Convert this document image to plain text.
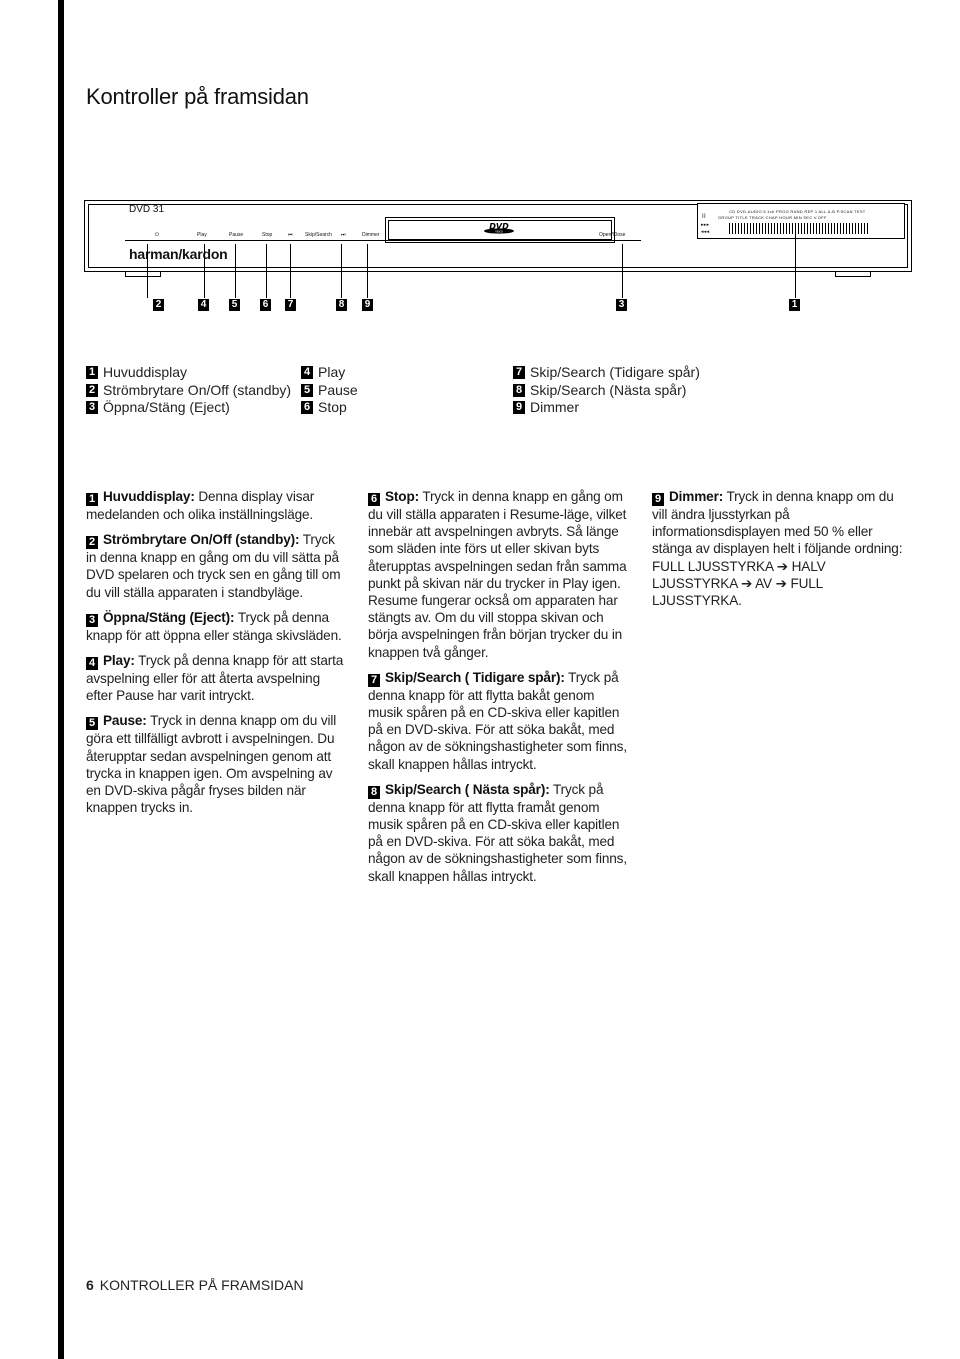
Kontroller på framsidan
DVD 31
harman/kardon
⏻	Play	Pause	Stop	⏮ Skip/Search ⏭	Dimmer	Open/Close
DVD
VIDEO
CD DVD-AUDIO 5.1ch PROG RAND REP 1 ALL A-B P.SCAN TEST
GROUP TITLE TRACK CHAP HOUR MIN SEC V.OFF
II
▸▸▸
◂◂◂
2	4	5	6 7	8 9	3	1
1 Huvuddisplay
2 Strömbrytare On/Off (standby)
3 Öppna/Stäng (Eject)
4 Play
5 Pause
6 Stop
7 Skip/Search (Tidigare spår)
8 Skip/Search (Nästa spår)
9 Dimmer

1 Huvuddisplay: Denna display visar medelanden och olika inställningsläge.

2 Strömbrytare On/Off (standby): Tryck in denna knapp en gång om du vill sätta på DVD spelaren och tryck sen en gång till om du vill ställa apparaten i standbyläge.

3 Öppna/Stäng (Eject): Tryck på denna knapp för att öppna eller stänga skivsläden.

4 Play: Tryck på denna knapp för att starta avspelning eller för att återta avspelning efter Pause har varit intryckt.

5 Pause: Tryck in denna knapp om du vill göra ett tillfälligt avbrott i avspelningen. Du återupptar sedan avspelningen genom att trycka in knappen igen. Om avspelning av en DVD-skiva pågår fryses bilden när knappen trycks in.

6 Stop: Tryck in denna knapp en gång om du vill ställa apparaten i Resume-läge, vilket innebär att avspelningen avbryts. Så länge som släden inte förs ut eller skivan byts återupptas avspelningen sedan från samma punkt på skivan när du trycker in Play igen. Resume fungerar också om apparaten har stängts av. Om du vill stoppa skivan och börja avspelningen från början trycker du in knappen två gånger.

7 Skip/Search ( Tidigare spår): Tryck på denna knapp för att flytta bakåt genom musik spåren på en CD-skiva eller kapitlen på en DVD-skiva. För att söka bakåt, med någon av de sökningshastigheter som finns, skall knappen hållas intryckt.

8 Skip/Search ( Nästa spår): Tryck på denna knapp för att flytta framåt genom musik spåren på en CD-skiva eller kapitlen på en DVD-skiva. För att söka bakåt, med någon av de sökningshastigheter som finns, skall knappen hållas intryckt.

9 Dimmer: Tryck in denna knapp om du vill ändra ljusstyrkan på informationsdisplayen med 50 % eller stänga av displayen helt i följande ordning: FULL LJUSSTYRKA ➔ HALV LJUSSTYRKA ➔ AV ➔ FULL LJUSSTYRKA.

6 KONTROLLER PÅ FRAMSIDAN
